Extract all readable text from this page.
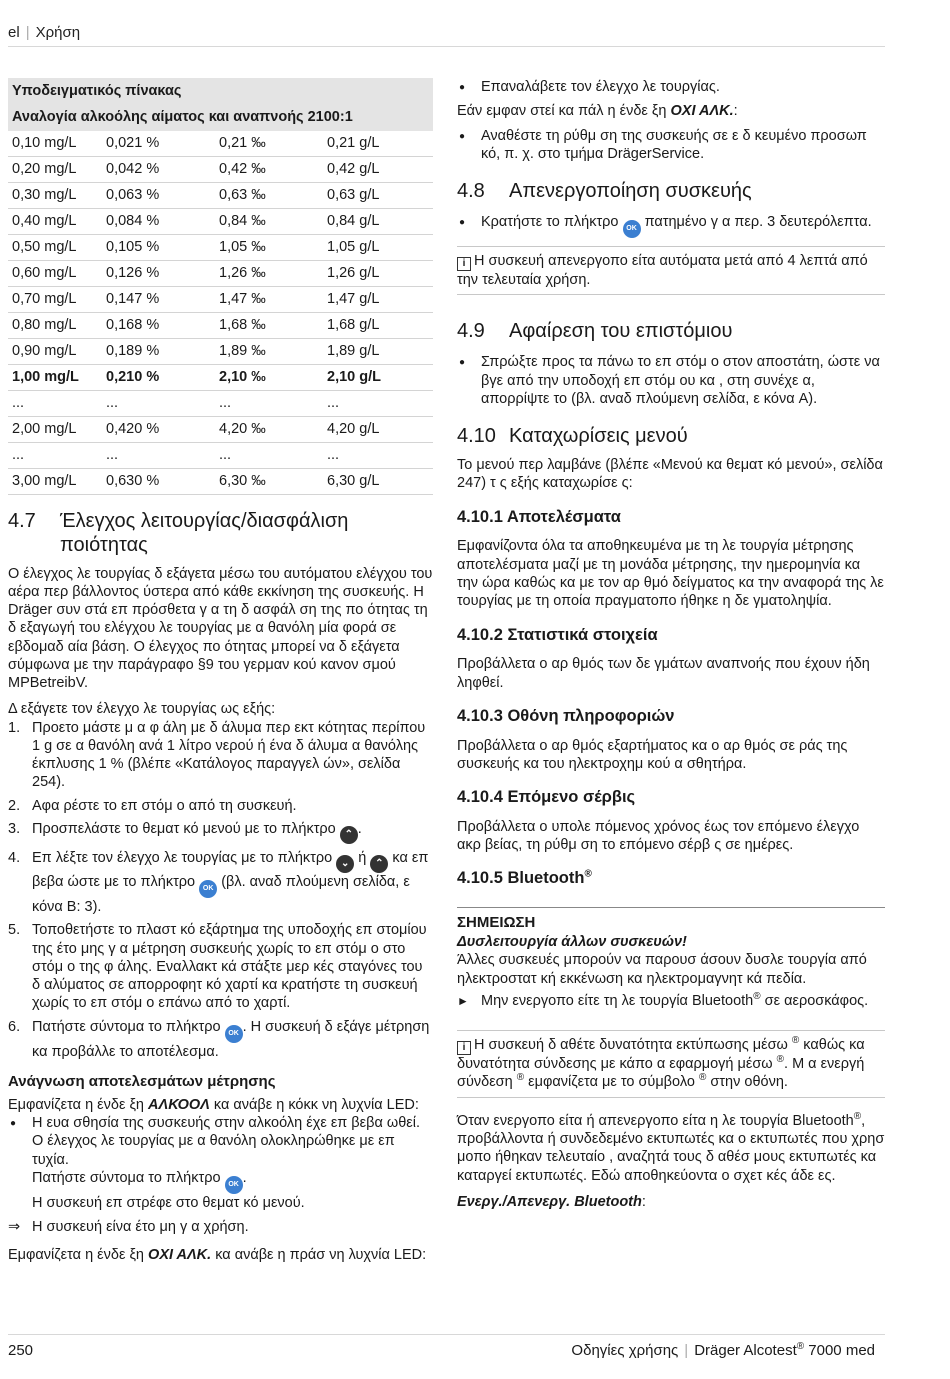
el | Χρήση
Υποδειγματικός πίνακας			
Αναλογία αλκοόλης αίματος και αναπνοής 2100:1			
0,10 mg/L	0,021 %	0,21 ‰	0,21 g/L
0,20 mg/L	0,042 %	0,42 ‰	0,42 g/L
0,30 mg/L	0,063 %	0,63 ‰	0,63 g/L
0,40 mg/L	0,084 %	0,84 ‰	0,84 g/L
0,50 mg/L	0,105 %	1,05 ‰	1,05 g/L
0,60 mg/L	0,126 %	1,26 ‰	1,26 g/L
0,70 mg/L	0,147 %	1,47 ‰	1,47 g/L
0,80 mg/L	0,168 %	1,68 ‰	1,68 g/L
0,90 mg/L	0,189 %	1,89 ‰	1,89 g/L
1,00 mg/L	0,210 %	2,10 ‰	2,10 g/L
...	...	...	...
2,00 mg/L	0,420 %	4,20 ‰	4,20 g/L
...	...	...	...
3,00 mg/L	0,630 %	6,30 ‰	6,30 g/L
4.7	Έλεγχος λειτουργίας/διασφάλιση ποιότητας

Ο έλεγχος λε τουργίας δ εξάγετα μέσω του αυτόματου ελέγχου του αέρα περ βάλλοντος ύστερα από κάθε εκκίνηση της συσκευής. Η Dräger συν στά επ πρόσθετα γ α τη δ ασφάλ ση της πο ότητας τη δ εξαγωγή του ελέγχου λε τουργίας με α θανόλη μία φορά σε εβδομαδ αία βάση. Ο έλεγχος πο ότητας μπορεί να δ εξάγετα σύμφωνα με την παράγραφο §9 του γερμαν κού κανον σμού MPBetreibV.

Δ εξάγετε τον έλεγχο λε τουργίας ως εξής:

1. Προετο μάστε μ α φ άλη με δ άλυμα περ εκτ κότητας περίπου 1 g σε α θανόλη ανά 1 λίτρο νερού ή ένα δ άλυμα α θανόλης έκπλυσης 1 % (βλέπε «Κατάλογος παραγγελ ών», σελίδα 254).
2. Αφα ρέστε το επ στόμ ο από τη συσκευή.
3. Προσπελάστε το θεματ κό μενού με το πλήκτρο ⌃ .
4. Επ λέξτε τον έλεγχο λε τουργίας με το πλήκτρο ⌄ ή ⌃ κα επ βεβα ώστε με το πλήκτρο OK (βλ. αναδ πλούμενη σελίδα, ε κόνα B: 3).
5. Τοποθετήστε το πλαστ κό εξάρτημα της υποδοχής επ στομίου της έτο μης γ α μέτρηση συσκευής χωρίς το επ στόμ ο στο στόμ ο της φ άλης. Εναλλακτ κά στάξτε μερ κές σταγόνες του δ αλύματος σε απορροφητ κό χαρτί κα κρατήστε τη συσκευή χωρίς το επ στόμ ο επάνω από το χαρτί.
6. Πατήστε σύντομα το πλήκτρο OK . Η συσκευή δ εξάγε μέτρηση κα προβάλλε το αποτέλεσμα.
Ανάγνωση αποτελεσμάτων μέτρησης

Εμφανίζετα η ένδε ξη ΑΛΚΟΟΛ κα ανάβε η κόκκ νη λυχνία LED:

● Η ευα σθησία της συσκευής στην αλκοόλη έχε επ βεβα ωθεί. Ο έλεγχος λε τουργίας με α θανόλη ολοκληρώθηκε με επ τυχία.
Πατήστε σύντομα το πλήκτρο OK .
Η συσκευή επ στρέφε στο θεματ κό μενού.
⇒ Η συσκευή είνα έτο μη γ α χρήση.

Εμφανίζετα η ένδε ξη ΟΧΙ ΑΛΚ. κα ανάβε η πράσ νη λυχνία LED:

● Επαναλάβετε τον έλεγχο λε τουργίας.

Εάν εμφαν στεί κα πάλ η ένδε ξη ΟΧΙ ΑΛΚ.:

● Αναθέστε τη ρύθμ ση της συσκευής σε ε δ κευμένο προσωπ κό, π. χ. στο τμήμα DrägerService.
4.8	Απενεργοποίηση συσκευής
● Κρατήστε το πλήκτρο OK πατημένο γ α περ. 3 δευτερόλεπτα.
i Η συσκευή απενεργοπο είτα αυτόματα μετά από 4 λεπτά από την τελευταία χρήση.
4.9	Αφαίρεση του επιστόμιου
● Σπρώξτε προς τα πάνω το επ στόμ ο στον αποστάτη, ώστε να βγε από την υποδοχή επ στόμ ου κα , στη συνέχε α, απορρίψτε το (βλ. αναδ πλούμενη σελίδα, ε κόνα A).
4.10 Καταχωρίσεις μενού

Το μενού περ λαμβάνε (βλέπε «Μενού κα θεματ κό μενού», σελίδα 247) τ ς εξής καταχωρίσε ς:

4.10.1 Αποτελέσματα

Εμφανίζοντα όλα τα αποθηκευμένα με τη λε τουργία μέτρησης αποτελέσματα μαζί με τη μονάδα μέτρησης, την ημερομηνία κα την ώρα καθώς κα με τον αρ θμό δείγματος κα την αναφορά της λε τουργίας με τη οποία πραγματοπο ήθηκε η δε γματοληψία.

4.10.2 Στατιστικά στοιχεία

Προβάλλετα ο αρ θμός των δε γμάτων αναπνοής που έχουν ήδη ληφθεί.

4.10.3 Οθόνη πληροφοριών

Προβάλλετα ο αρ θμός εξαρτήματος κα ο αρ θμός σε ράς της συσκευής κα του ηλεκτροχημ κού α σθητήρα.

4.10.4 Επόμενο σέρβις

Προβάλλετα ο υπολε πόμενος χρόνος έως τον επόμενο έλεγχο ακρ βείας, τη ρύθμ ση το επόμενο σέρβ ς σε ημέρες.

4.10.5 Bluetooth®
ΣΗΜΕΙΩΣΗ
Δυσλειτουργία άλλων συσκευών!

Άλλες συσκευές μπορούν να παρουσ άσουν δυσλε τουργία από ηλεκτροστατ κή εκκένωση κα ηλεκτρομαγνητ κά πεδία.

► Μην ενεργοπο είτε τη λε τουργία Bluetooth® σε αεροσκάφος.
i Η συσκευή δ αθέτε δυνατότητα εκτύπωσης μέσω ® καθώς κα δυνατότητα σύνδεσης με κάπο α εφαρμογή μέσω ®. Μ α ενεργή σύνδεση ® εμφανίζετα με το σύμβολο ® στην οθόνη.

Όταν ενεργοπο είτα ή απενεργοπο είτα η λε τουργία Bluetooth®, προβάλλοντα ή συνδεδεμένο εκτυπωτές κα ο εκτυπωτές που χρησ μοπο ήθηκαν τελευταίο , αναζητά τους δ αθέσ μους εκτυπωτές κα καταργεί εκτυπωτές. Εδώ αποθηκεύοντα ο σχετ κές άδε ες.

Ενεργ./Απενεργ. Bluetooth:

250	Οδηγίες χρήσης | Dräger Alcotest® 7000 med
